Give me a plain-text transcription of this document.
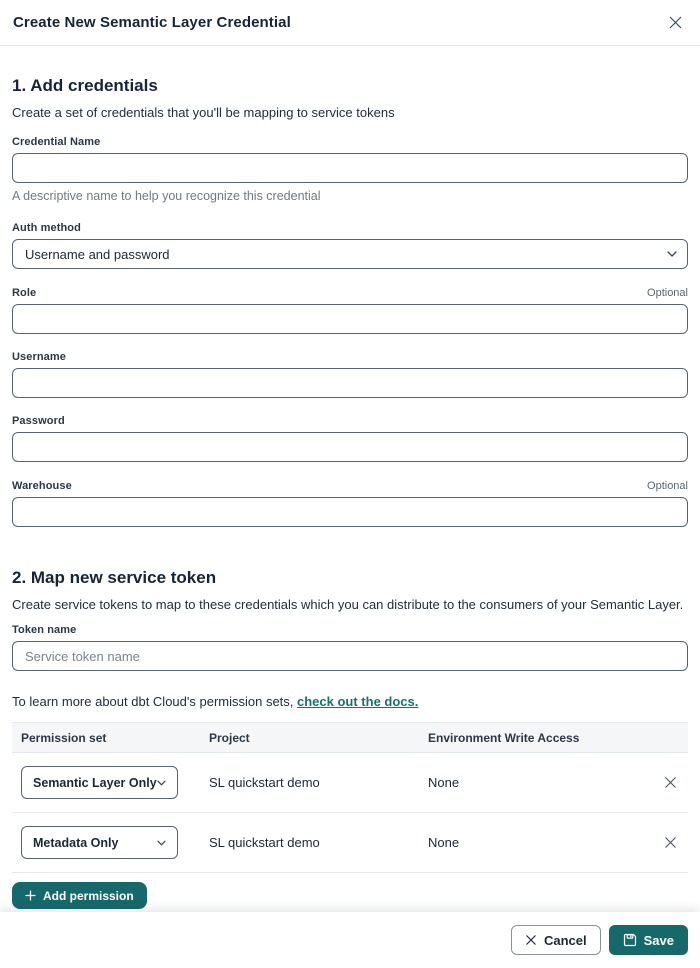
Create New Semantic Layer Credential
1. Add credentials
Create a set of credentials that you'll be mapping to service tokens
Credential Name
A descriptive name to help you recognize this credential
Auth method
Username and password
Role	Optional
Username
Password
Warehouse	Optional
2. Map new service token
Create service tokens to map to these credentials which you can distribute to the consumers of your Semantic Layer.
Token name
Service token name
To learn more about dbt Cloud's permission sets, check out the docs.
Permission set	Project	Environment Write Access
Semantic Layer Only	SL quickstart demo	None
Metadata Only	SL quickstart demo	None
Add permission
Cancel	Save
